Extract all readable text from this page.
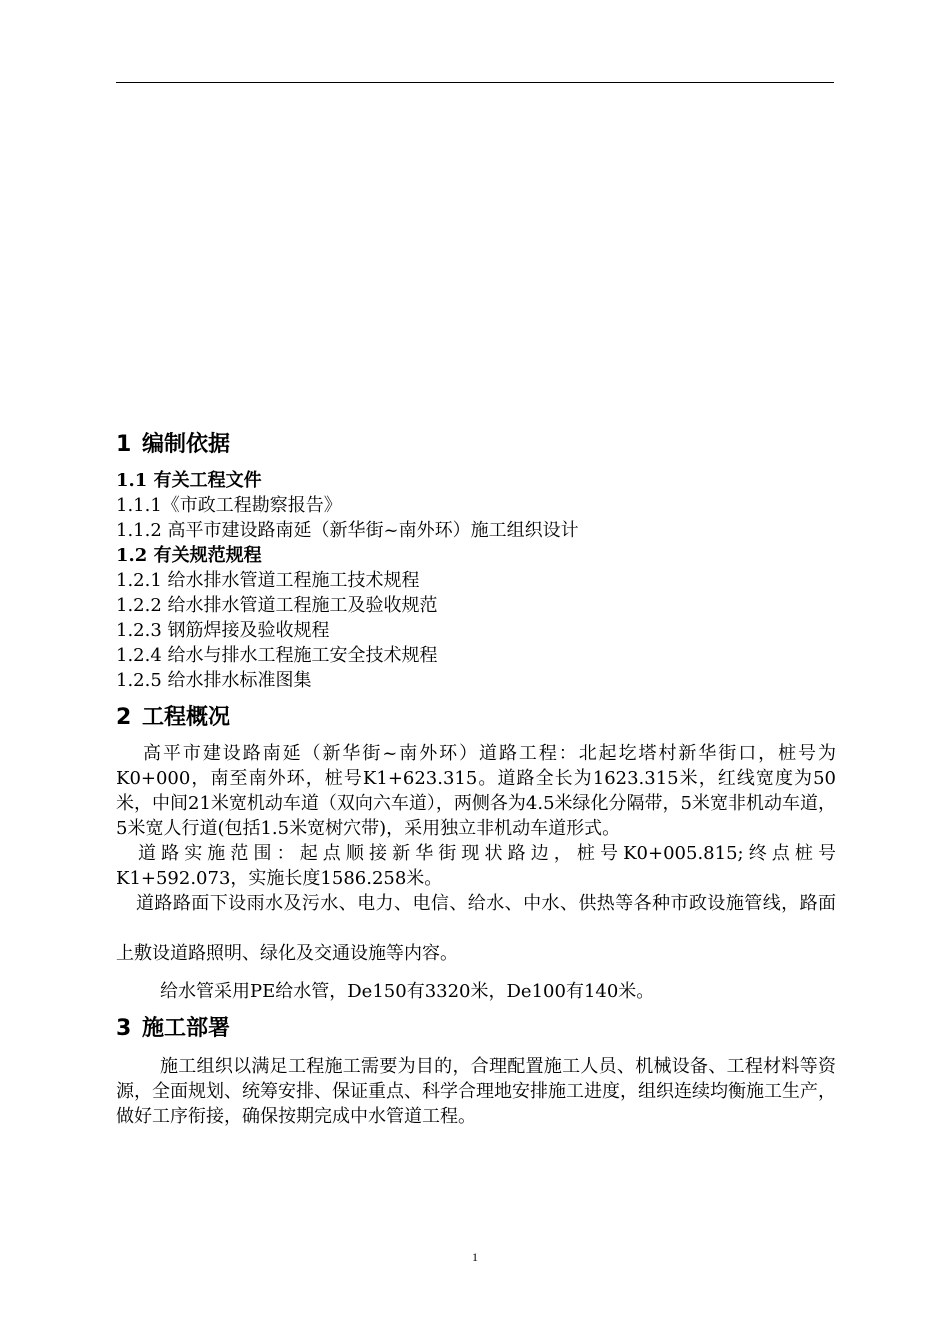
1 编制依据

1.1 有关工程文件

1.1.1《市政工程勘察报告》

1.1.2 高平市建设路南延（新华街~南外环）施工组织设计

1.2 有关规范规程

1.2.1 给水排水管道工程施工技术规程

1.2.2 给水排水管道工程施工及验收规范

1.2.3 钢筋焊接及验收规程

1.2.4 给水与排水工程施工安全技术规程

1.2.5 给水排水标准图集

2 工程概况

高平市建设路南延（新华街~南外环）道路工程：北起圪塔村新华街口，桩号为K0+000，南至南外环，桩号K1+623.315。道路全长为1623.315米，红线宽度为50米，中间21米宽机动车道（双向六车道），两侧各为4.5米绿化分隔带，5米宽非机动车道，5米宽人行道(包括1.5米宽树穴带)，采用独立非机动车道形式。

道路实施范围：起点顺接新华街现状路边，桩号K0+005.815;终点桩号K1+592.073，实施长度1586.258米。

道路路面下设雨水及污水、电力、电信、给水、中水、供热等各种市政设施管线，路面上敷设道路照明、绿化及交通设施等内容。

给水管采用PE给水管，De150有3320米，De100有140米。

3 施工部署

施工组织以满足工程施工需要为目的，合理配置施工人员、机械设备、工程材料等资源，全面规划、统筹安排、保证重点、科学合理地安排施工进度，组织连续均衡施工生产，做好工序衔接，确保按期完成中水管道工程。

1
